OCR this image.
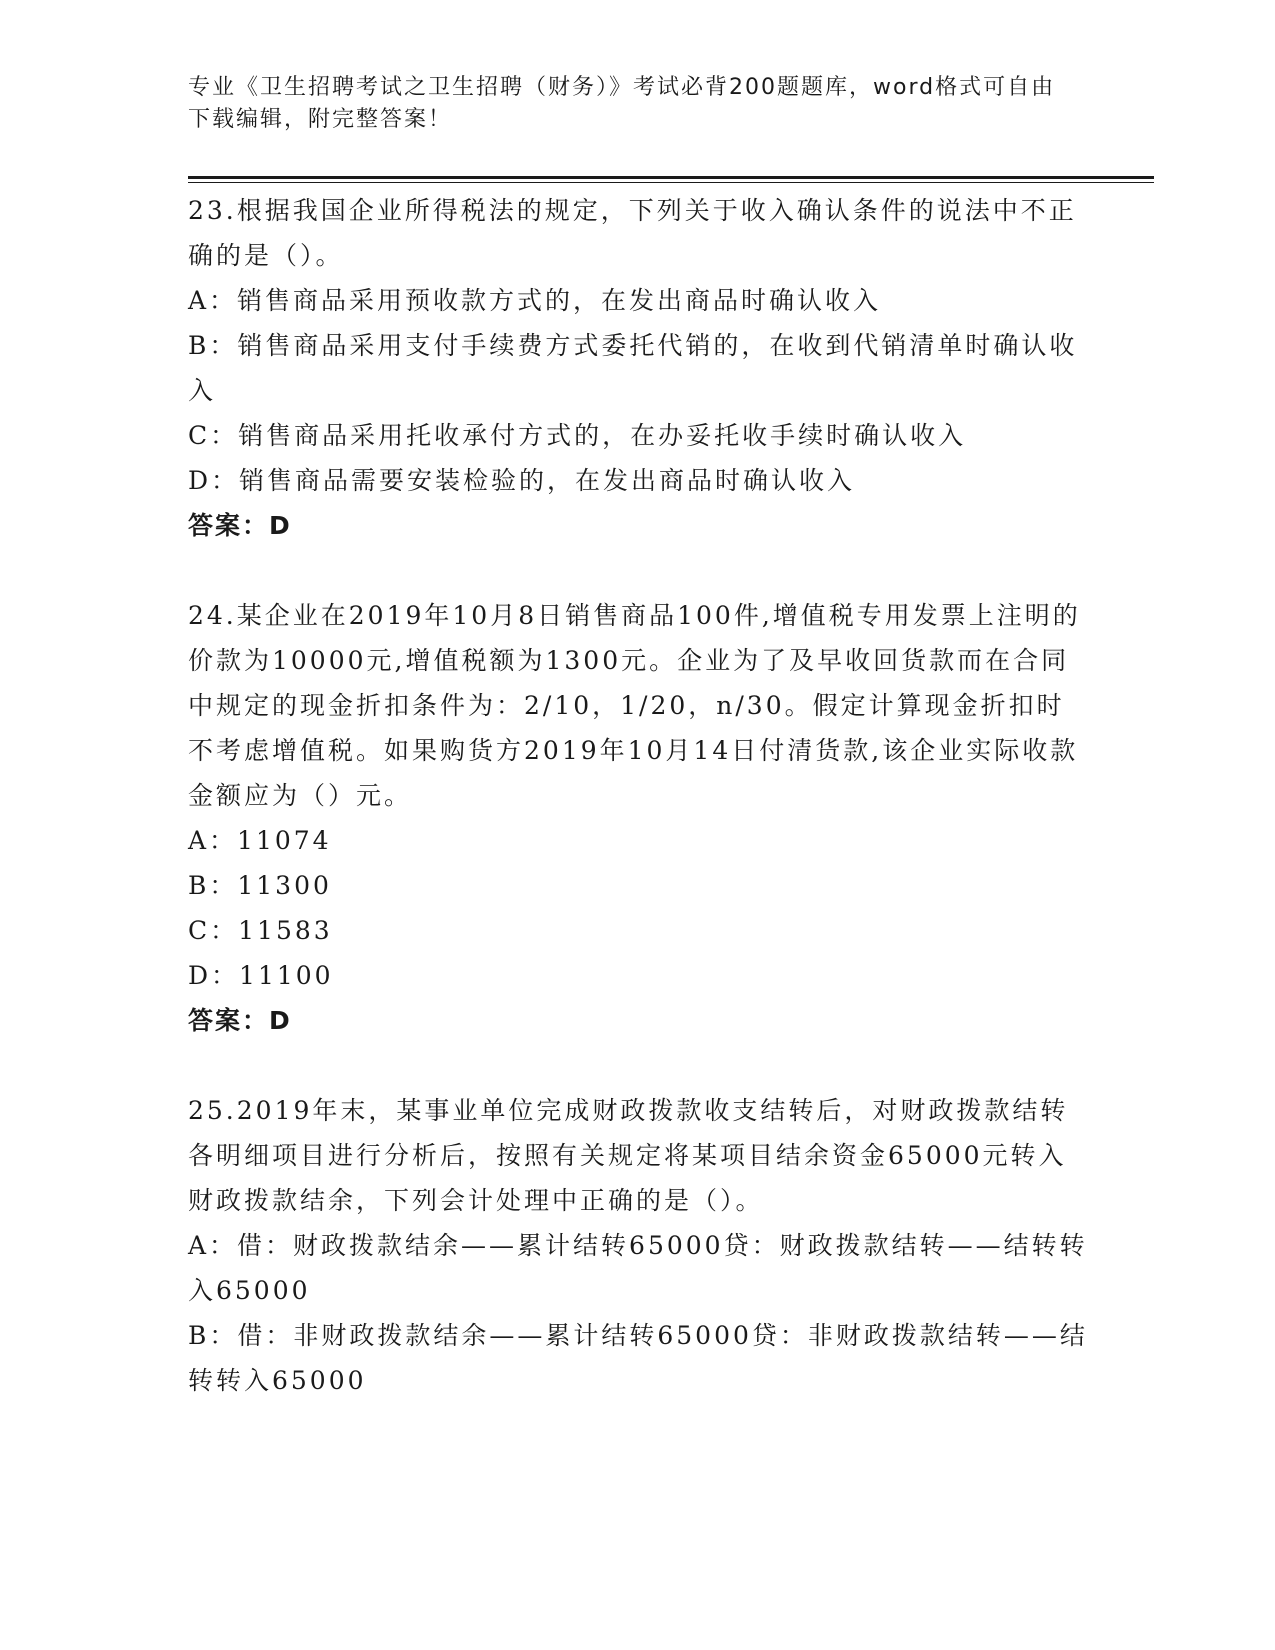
专业《卫生招聘考试之卫生招聘（财务）》考试必背200题题库，word格式可自由下载编辑，附完整答案！

23.根据我国企业所得税法的规定，下列关于收入确认条件的说法中不正确的是（）。

A：销售商品采用预收款方式的，在发出商品时确认收入

B：销售商品采用支付手续费方式委托代销的，在收到代销清单时确认收入

C：销售商品采用托收承付方式的，在办妥托收手续时确认收入

D：销售商品需要安装检验的，在发出商品时确认收入

答案：D

24.某企业在2019年10月8日销售商品100件,增值税专用发票上注明的价款为10000元,增值税额为1300元。企业为了及早收回货款而在合同中规定的现金折扣条件为：2/10，1/20，n/30。假定计算现金折扣时不考虑增值税。如果购货方2019年10月14日付清货款,该企业实际收款金额应为（）元。

A：11074

B：11300

C：11583

D：11100

答案：D

25.2019年末，某事业单位完成财政拨款收支结转后，对财政拨款结转各明细项目进行分析后，按照有关规定将某项目结余资金65000元转入财政拨款结余，下列会计处理中正确的是（）。

A：借：财政拨款结余——累计结转65000贷：财政拨款结转——结转转入65000

B：借：非财政拨款结余——累计结转65000贷：非财政拨款结转——结转转入65000
